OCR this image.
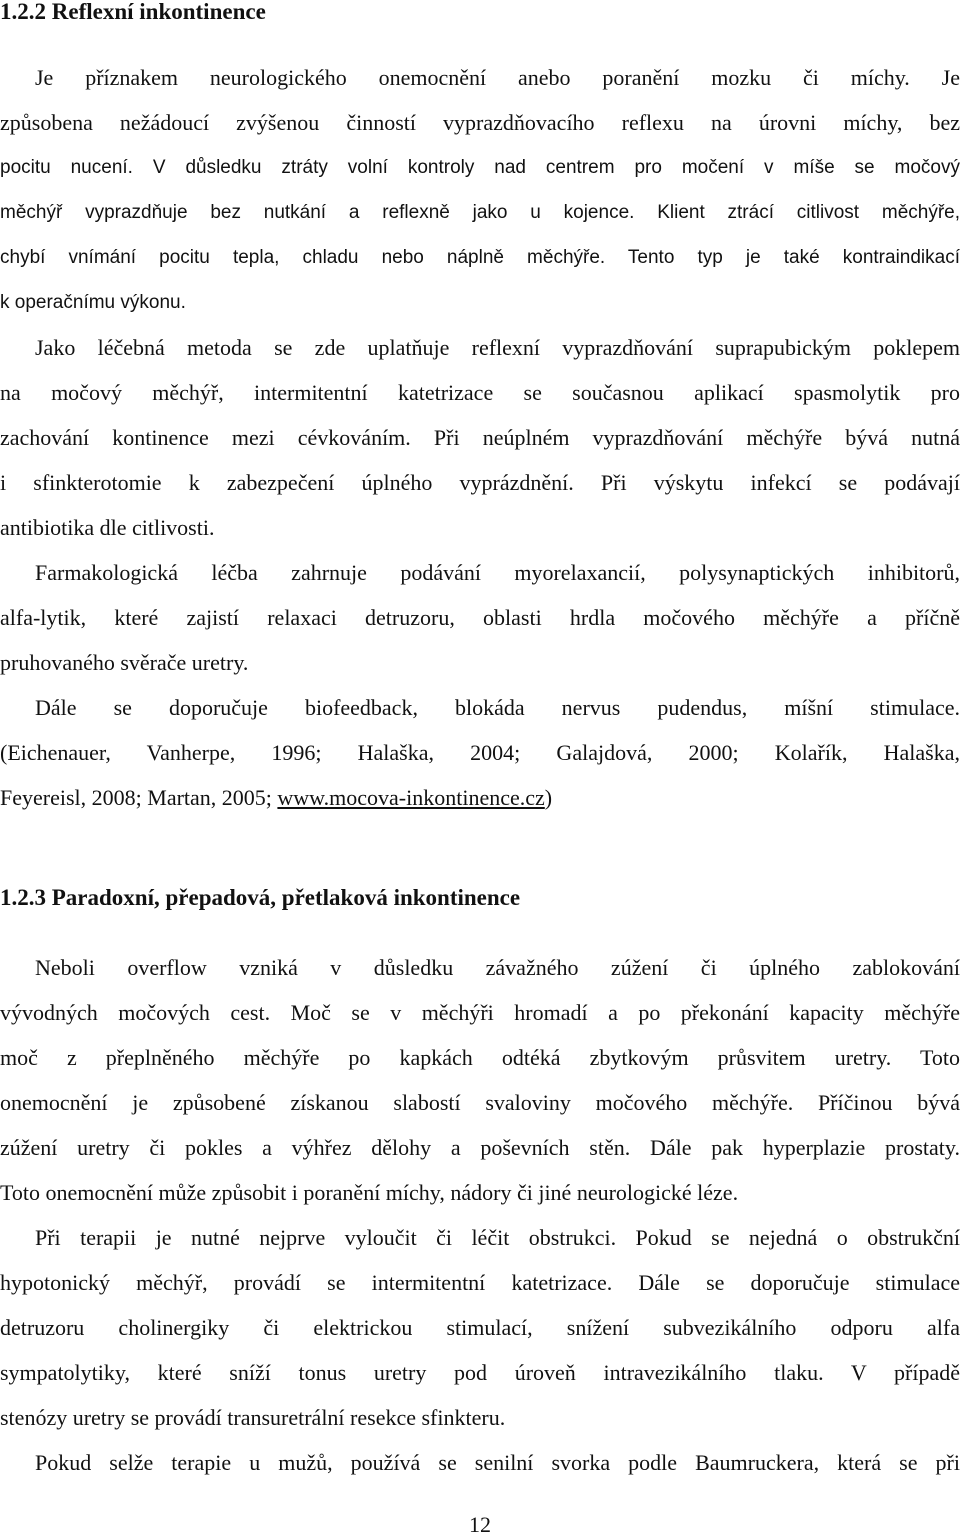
1.2.2 Reflexní inkontinence

Je příznakem neurologického onemocnění anebo poranění mozku či míchy. Je

způsobena nežádoucí zvýšenou činností vyprazdňovacího reflexu na úrovni míchy, bez

pocitu nucení. V důsledku ztráty volní kontroly nad centrem pro močení v míše se močový

měchýř vyprazdňuje bez nutkání a reflexně jako u kojence. Klient ztrácí citlivost měchýře,

chybí vnímání pocitu tepla, chladu nebo náplně měchýře. Tento typ je také kontraindikací

k operačnímu výkonu.

Jako léčebná metoda se zde uplatňuje reflexní vyprazdňování suprapubickým poklepem

na močový měchýř, intermitentní katetrizace se současnou aplikací spasmolytik pro

zachování kontinence mezi cévkováním. Při neúplném vyprazdňování měchýře bývá nutná

i sfinkterotomie k zabezpečení úplného vyprázdnění. Při výskytu infekcí se podávají

antibiotika dle citlivosti.

Farmakologická léčba zahrnuje podávání myorelaxancií, polysynaptických inhibitorů,

alfa-lytik, které zajistí relaxaci detruzoru, oblasti hrdla močového měchýře a příčně

pruhovaného svěrače uretry.

Dále se doporučuje biofeedback, blokáda nervus pudendus, míšní stimulace.

(Eichenauer, Vanherpe, 1996; Halaška, 2004; Galajdová, 2000; Kolařík, Halaška,

Feyereisl, 2008; Martan, 2005; www.mocova-inkontinence.cz)

1.2.3 Paradoxní, přepadová, přetlaková inkontinence

Neboli overflow vzniká v důsledku závažného zúžení či úplného zablokování

vývodných močových cest. Moč se v měchýři hromadí a po překonání kapacity měchýře

moč z přeplněného měchýře po kapkách odtéká zbytkovým průsvitem uretry. Toto

onemocnění je způsobené získanou slabostí svaloviny močového měchýře. Příčinou bývá

zúžení uretry či pokles a výhřez dělohy a poševních stěn. Dále pak hyperplazie prostaty.

Toto onemocnění může způsobit i poranění míchy, nádory či jiné neurologické léze.

Při terapii je nutné nejprve vyloučit či léčit obstrukci. Pokud se nejedná o obstrukční

hypotonický měchýř, provádí se intermitentní katetrizace. Dále se doporučuje stimulace

detruzoru cholinergiky či elektrickou stimulací, snížení subvezikálního odporu alfa

sympatolytiky, které sníží tonus uretry pod úroveň intravezikálního tlaku. V případě

stenózy uretry se provádí transuretrální resekce sfinkteru.

Pokud selže terapie u mužů, používá se senilní svorka podle Baumruckera, která se při

12
